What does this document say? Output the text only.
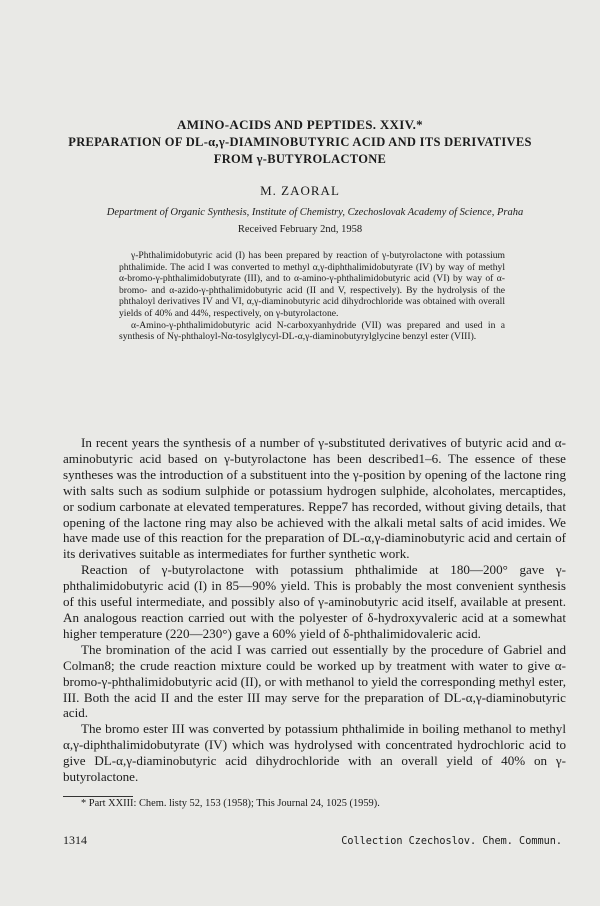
AMINO-ACIDS AND PEPTIDES. XXIV.*
PREPARATION OF DL-α,γ-DIAMINOBUTYRIC ACID AND ITS DERIVATIVES
FROM γ-BUTYROLACTONE
M. ZAORAL
Department of Organic Synthesis, Institute of Chemistry, Czechoslovak Academy of Science, Praha
Received February 2nd, 1958

γ-Phthalimidobutyric acid (I) has been prepared by reaction of γ-butyrolactone with potassium phthalimide. The acid I was converted to methyl α,γ-diphthalimidobutyrate (IV) by way of methyl α-bromo-γ-phthalimidobutyrate (III), and to α-amino-γ-phthalimidobutyric acid (VI) by way of α-bromo- and α-azido-γ-phthalimidobutyric acid (II and V, respectively). By the hydrolysis of the phthaloyl derivatives IV and VI, α,γ-diaminobutyric acid dihydrochloride was obtained with overall yields of 40% and 44%, respectively, on γ-butyrolactone.

α-Amino-γ-phthalimidobutyric acid N-carboxyanhydride (VII) was prepared and used in a synthesis of Nγ-phthaloyl-Nα-tosylglycyl-DL-α,γ-diaminobutyrylglycine benzyl ester (VIII).

In recent years the synthesis of a number of γ-substituted derivatives of butyric acid and α-aminobutyric acid based on γ-butyrolactone has been described1–6. The essence of these syntheses was the introduction of a substituent into the γ-position by opening of the lactone ring with salts such as sodium sulphide or potassium hydrogen sulphide, alcoholates, mercaptides, or sodium carbonate at elevated temperatures. Reppe7 has recorded, without giving details, that opening of the lactone ring may also be achieved with the alkali metal salts of acid imides. We have made use of this reaction for the preparation of DL-α,γ-diaminobutyric acid and certain of its derivatives suitable as intermediates for further synthetic work.

Reaction of γ-butyrolactone with potassium phthalimide at 180—200° gave γ-phthalimidobutyric acid (I) in 85—90% yield. This is probably the most convenient synthesis of this useful intermediate, and possibly also of γ-aminobutyric acid itself, available at present. An analogous reaction carried out with the polyester of δ-hydroxyvaleric acid at a somewhat higher temperature (220—230°) gave a 60% yield of δ-phthalimidovaleric acid.

The bromination of the acid I was carried out essentially by the procedure of Gabriel and Colman8; the crude reaction mixture could be worked up by treatment with water to give α-bromo-γ-phthalimidobutyric acid (II), or with methanol to yield the corresponding methyl ester, III. Both the acid II and the ester III may serve for the preparation of DL-α,γ-diaminobutyric acid.

The bromo ester III was converted by potassium phthalimide in boiling methanol to methyl α,γ-diphthalimidobutyrate (IV) which was hydrolysed with concentrated hydrochloric acid to give DL-α,γ-diaminobutyric acid dihydrochloride with an overall yield of 40% on γ-butyrolactone.

* Part XXIII: Chem. listy 52, 153 (1958); This Journal 24, 1025 (1959).
1314	Collection Czechoslov. Chem. Commun.
